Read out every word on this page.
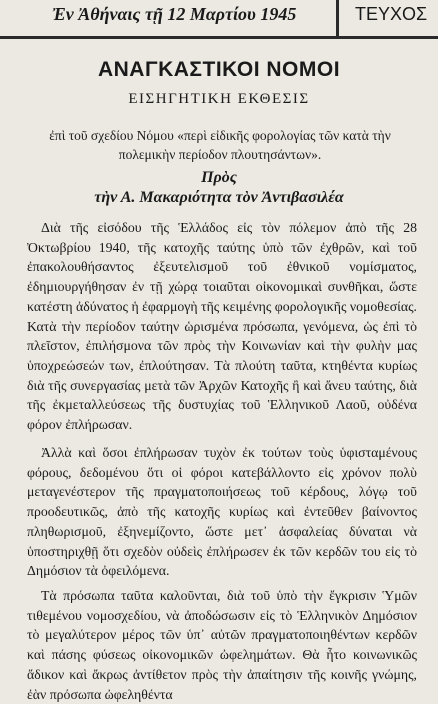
Ἐν Ἀθήναις τῇ 12 Μαρτίου 1945	ΤΕΥΧΟΣ
ΑΝΑΓΚΑΣΤΙΚΟΙ ΝΟΜΟΙ
ΕΙΣΗΓΗΤΙΚΗ ΕΚΘΕΣΙΣ
ἐπὶ τοῦ σχεδίου Νόμου «περὶ εἰδικῆς φορολογίας τῶν κατὰ τὴν πολεμικὴν περίοδον πλουτησάντων».
Πρὸς
τὴν Α. Μακαριότητα τὸν Ἀντιβασιλέα
Διὰ τῆς εἰσόδου τῆς Ἑλλάδος εἰς τὸν πόλεμον ἀπὸ τῆς 28 Ὀκτωβρίου 1940, τῆς κατοχῆς ταύτης ὑπὸ τῶν ἐχθρῶν, καὶ τοῦ ἐπακολουθήσαντος ἐξευτελισμοῦ τοῦ ἐθνικοῦ νομίσματος, ἐδημιουργήθησαν ἐν τῇ χώρᾳ τοιαῦται οἰκονομικαὶ συνθῆκαι, ὥστε κατέστη ἀδύνατος ἡ ἐφαρμογὴ τῆς κειμένης φορολογικῆς νομοθεσίας. Κατὰ τὴν περίοδον ταύτην ὡρισμένα πρόσωπα, γενόμενα, ὡς ἐπὶ τὸ πλεῖστον, ἐπιλήσμονα τῶν πρὸς τὴν Κοινωνίαν καὶ τὴν φυλὴν μας ὑποχρεώσεών των, ἐπλούτησαν. Τὰ πλούτη ταῦτα, κτηθέντα κυρίως διὰ τῆς συνεργασίας μετὰ τῶν Ἀρχῶν Κατοχῆς ἢ καὶ ἄνευ ταύτης, διὰ τῆς ἐκμεταλλεύσεως τῆς δυστυχίας τοῦ Ἑλληνικοῦ Λαοῦ, οὐδένα φόρον ἐπλήρωσαν.
Ἀλλὰ καὶ ὅσοι ἐπλήρωσαν τυχὸν ἐκ τούτων τοὺς ὑφισταμένους φόρους, δεδομένου ὅτι οἱ φόροι κατεβάλλοντο εἰς χρόνον πολὺ μεταγενέστερον τῆς πραγματοποιήσεως τοῦ κέρδους, λόγῳ τοῦ προοδευτικῶς, ἀπὸ τῆς κατοχῆς κυρίως καὶ ἐντεῦθεν βαίνοντος πληθωρισμοῦ, ἐξηνεμίζοντο, ὥστε μετ᾽ ἀσφαλείας δύναται νὰ ὑποστηριχθῇ ὅτι σχεδὸν οὐδεὶς ἐπλήρωσεν ἐκ τῶν κερδῶν του εἰς τὸ Δημόσιον τὰ ὀφειλόμενα.
Τὰ πρόσωπα ταῦτα καλοῦνται, διὰ τοῦ ὑπὸ τὴν ἔγκρισιν Ὑμῶν τιθεμένου νομοσχεδίου, νὰ ἀποδώσωσιν εἰς τὸ Ἑλληνικὸν Δημόσιον τὸ μεγαλύτερον μέρος τῶν ὑπ᾽ αὐτῶν πραγματοποιηθέντων κερδῶν καὶ πάσης φύσεως οἰκονομικῶν ὠφελημάτων. Θὰ ἦτο κοινωνικῶς ἄδικον καὶ ἄκρως ἀντίθετον πρὸς τὴν ἀπαίτησιν τῆς κοινῆς γνώμης, ἐὰν πρόσωπα ὠφεληθέντα
